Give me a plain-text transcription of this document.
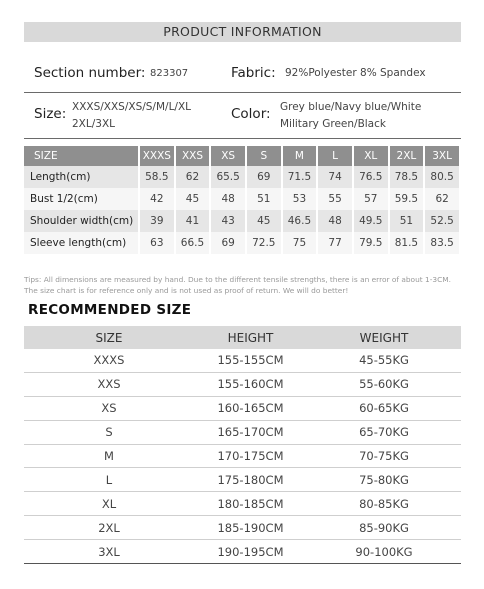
PRODUCT INFORMATION
Section number: 823307	Fabric: 92%Polyester 8% Spandex
Size: XXXS/XXS/XS/S/M/L/XL
2XL/3XL
Color: Grey blue/Navy blue/White
Military Green/Black
SIZE	XXXS	XXS	XS	S	M	L	XL	2XL	3XL
Length(cm)	58.5	62	65.5	69	71.5	74	76.5	78.5	80.5
Bust 1/2(cm)	42	45	48	51	53	55	57	59.5	62
Shoulder width(cm)	39	41	43	45	46.5	48	49.5	51	52.5
Sleeve length(cm)	63	66.5	69	72.5	75	77	79.5	81.5	83.5
Tips: All dimensions are measured by hand. Due to the different tensile strengths, there is an error of about 1-3CM. The size chart is for reference only and is not used as proof of return. We will do better!
RECOMMENDED SIZE
SIZE	HEIGHT	WEIGHT
XXXS	155-155CM	45-55KG
XXS	155-160CM	55-60KG
XS	160-165CM	60-65KG
S	165-170CM	65-70KG
M	170-175CM	70-75KG
L	175-180CM	75-80KG
XL	180-185CM	80-85KG
2XL	185-190CM	85-90KG
3XL	190-195CM	90-100KG
